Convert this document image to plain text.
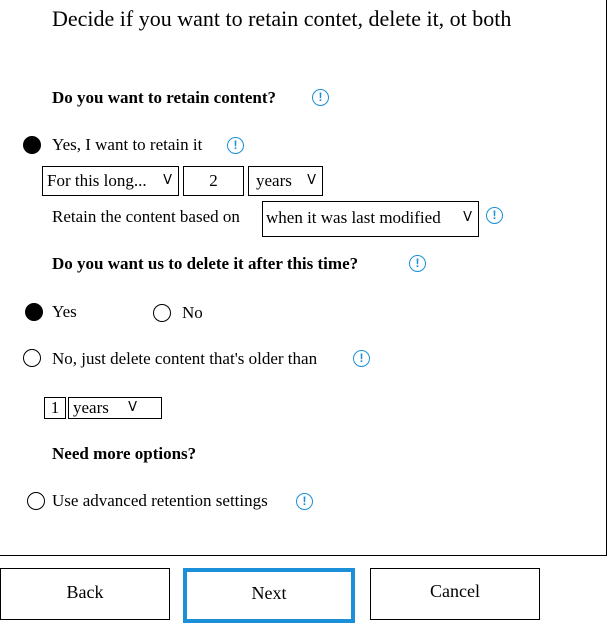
Decide if you want to retain contet, delete it, ot both
Do you want to retain content?	!
Yes, I want to retain it	!
For this long... V	2	years V
Retain the content based on when it was last modified V	!
Do you want us to delete it after this time?	!
Yes	No
No, just delete content that's older than	!
1 years V
Need more options?
Use advanced retention settings	!
Back	Next	Cancel
